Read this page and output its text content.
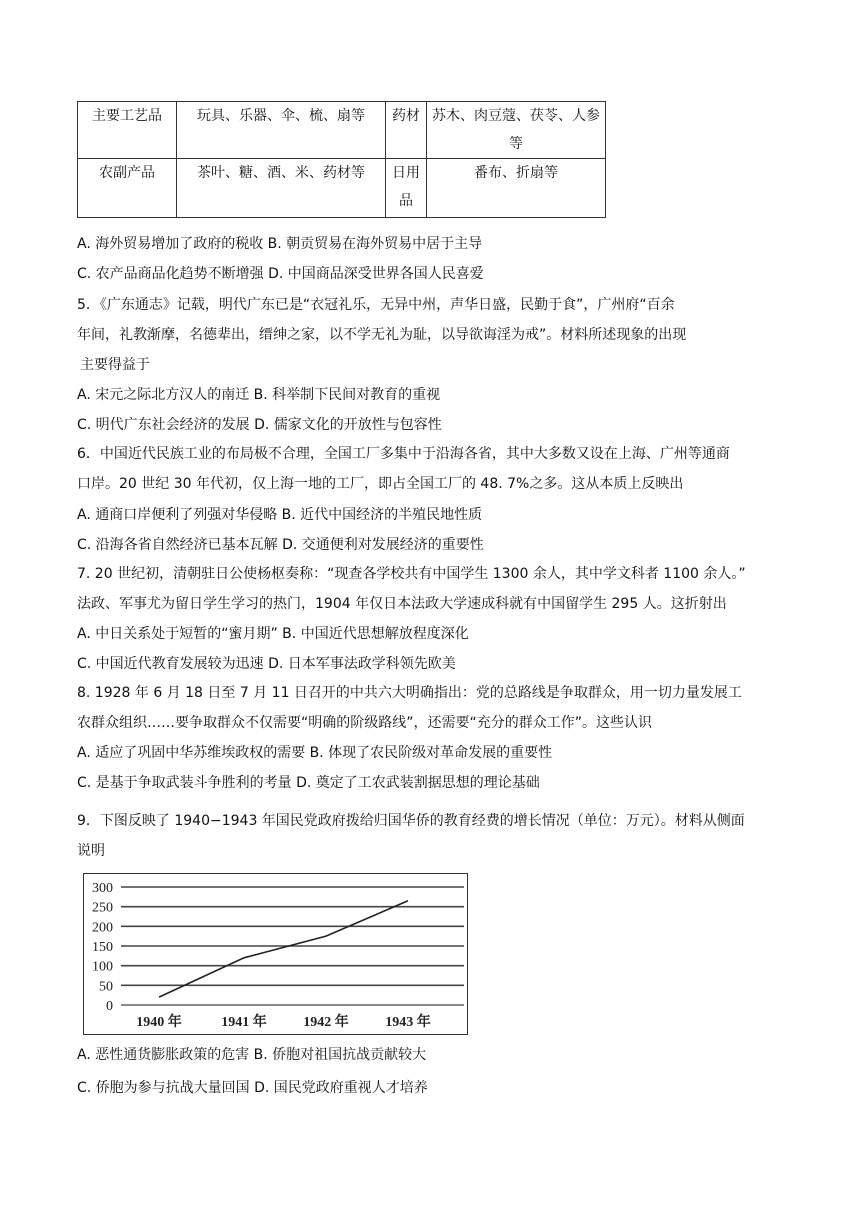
主要工艺品	玩具、乐器、伞、梳、扇等	药材	苏木、肉豆蔻、茯苓、人参等
农副产品	茶叶、糖、酒、米、药材等	日用品	番布、折扇等
A. 海外贸易增加了政府的税收 B. 朝贡贸易在海外贸易中居于主导
C. 农产品商品化趋势不断增强 D. 中国商品深受世界各国人民喜爱
5．《广东通志》记载，明代广东已是“衣冠礼乐，无异中州，声华日盛，民勤于食”，广州府“百余
年间，礼教渐摩，名德辈出，缙绅之家，以不学无礼为耻，以导欲诲淫为戒”。材料所述现象的出现
主要得益于
A. 宋元之际北方汉人的南迁 B. 科举制下民间对教育的重视
C. 明代广东社会经济的发展 D. 儒家文化的开放性与包容性
6．中国近代民族工业的布局极不合理，全国工厂多集中于沿海各省，其中大多数又设在上海、广州等通商
口岸。20 世纪 30 年代初，仅上海一地的工厂，即占全国工厂的 48. 7%之多。这从本质上反映出
A. 通商口岸便利了列强对华侵略 B. 近代中国经济的半殖民地性质
C. 沿海各省自然经济已基本瓦解 D. 交通便利对发展经济的重要性
7. 20 世纪初，清朝驻日公使杨枢奏称：“现查各学校共有中国学生 1300 余人，其中学文科者 1100 余人。”
法政、军事尤为留日学生学习的热门，1904 年仅日本法政大学速成科就有中国留学生 295 人。这折射出
A. 中日关系处于短暂的“蜜月期” B. 中国近代思想解放程度深化
C. 中国近代教育发展较为迅速 D. 日本军事法政学科领先欧美
8. 1928 年 6 月 18 日至 7 月 11 日召开的中共六大明确指出：党的总路线是争取群众，用一切力量发展工
农群众组织……要争取群众不仅需要“明确的阶级路线”，还需要“充分的群众工作”。这些认识
A. 适应了巩固中华苏维埃政权的需要 B. 体现了农民阶级对革命发展的重要性
C. 是基于争取武装斗争胜利的考量 D. 奠定了工农武装割据思想的理论基础
9．下图反映了 1940−1943 年国民党政府拨给归国华侨的教育经费的增长情况（单位：万元）。材料从侧面
说明
0
50
100
150
200
250
300
1940 年	1941 年	1942 年	1943 年
A. 恶性通货膨胀政策的危害 B. 侨胞对祖国抗战贡献较大
C. 侨胞为参与抗战大量回国 D. 国民党政府重视人才培养
